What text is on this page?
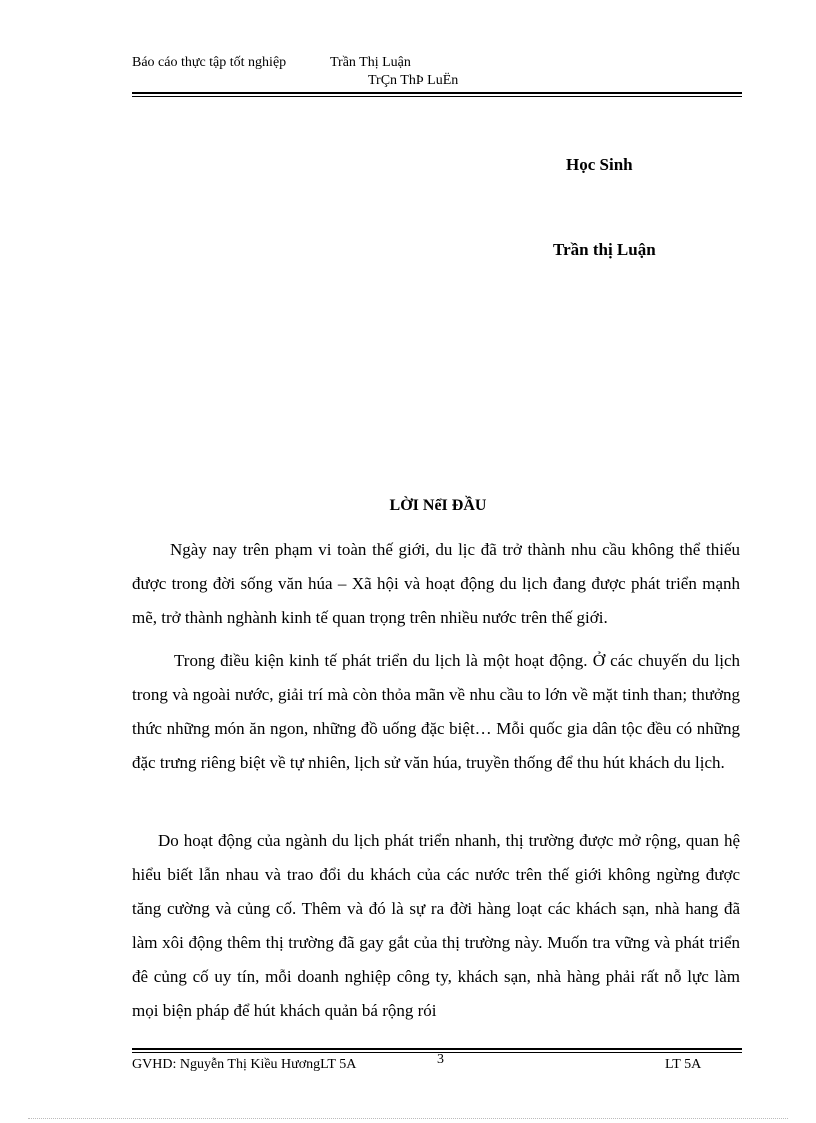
Báo cáo thực tập tốt nghiệp	Trần Thị Luận
TrÇn ThÞ LuËn
Học Sinh
Trần thị Luận
LỜI NểI ĐẦU

Ngày nay trên phạm vi toàn thế giới, du lịc đã trở thành nhu cầu không thể thiếu được trong đời sống văn húa – Xã hội và hoạt động du lịch đang được phát triển mạnh mẽ, trở thành nghành kinh tế quan trọng trên nhiều nước trên thế giới.

Trong điều kiện kinh tế phát triển du lịch là một hoạt động. Ở các chuyến du lịch trong và ngoài nước, giải trí mà còn thỏa mãn về nhu cầu to lớn về mặt tinh than; thưởng thức những món ăn ngon, những đồ uống đặc biệt… Mỗi quốc gia dân tộc đều có những đặc trưng riêng biệt về tự nhiên, lịch sử văn húa, truyền thống để thu hút khách du lịch.

Do hoạt động của ngành du lịch phát triển nhanh, thị trường được mở rộng, quan hệ hiểu biết lẫn nhau và trao đổi du khách của các nước trên thế giới không ngừng được tăng cường và củng cố. Thêm và đó là sự ra đời hàng loạt các khách sạn, nhà hang đã làm xôi động thêm thị trường đã gay gắt của thị trường này. Muốn tra vững và phát triển đê củng cố uy tín, mỗi doanh nghiệp công ty, khách sạn, nhà hàng phải rất nỗ lực làm mọi biện pháp để hút khách quản bá rộng rói

GVHD: Nguyễn Thị Kiều HươngLT 5A	3	LT 5A
